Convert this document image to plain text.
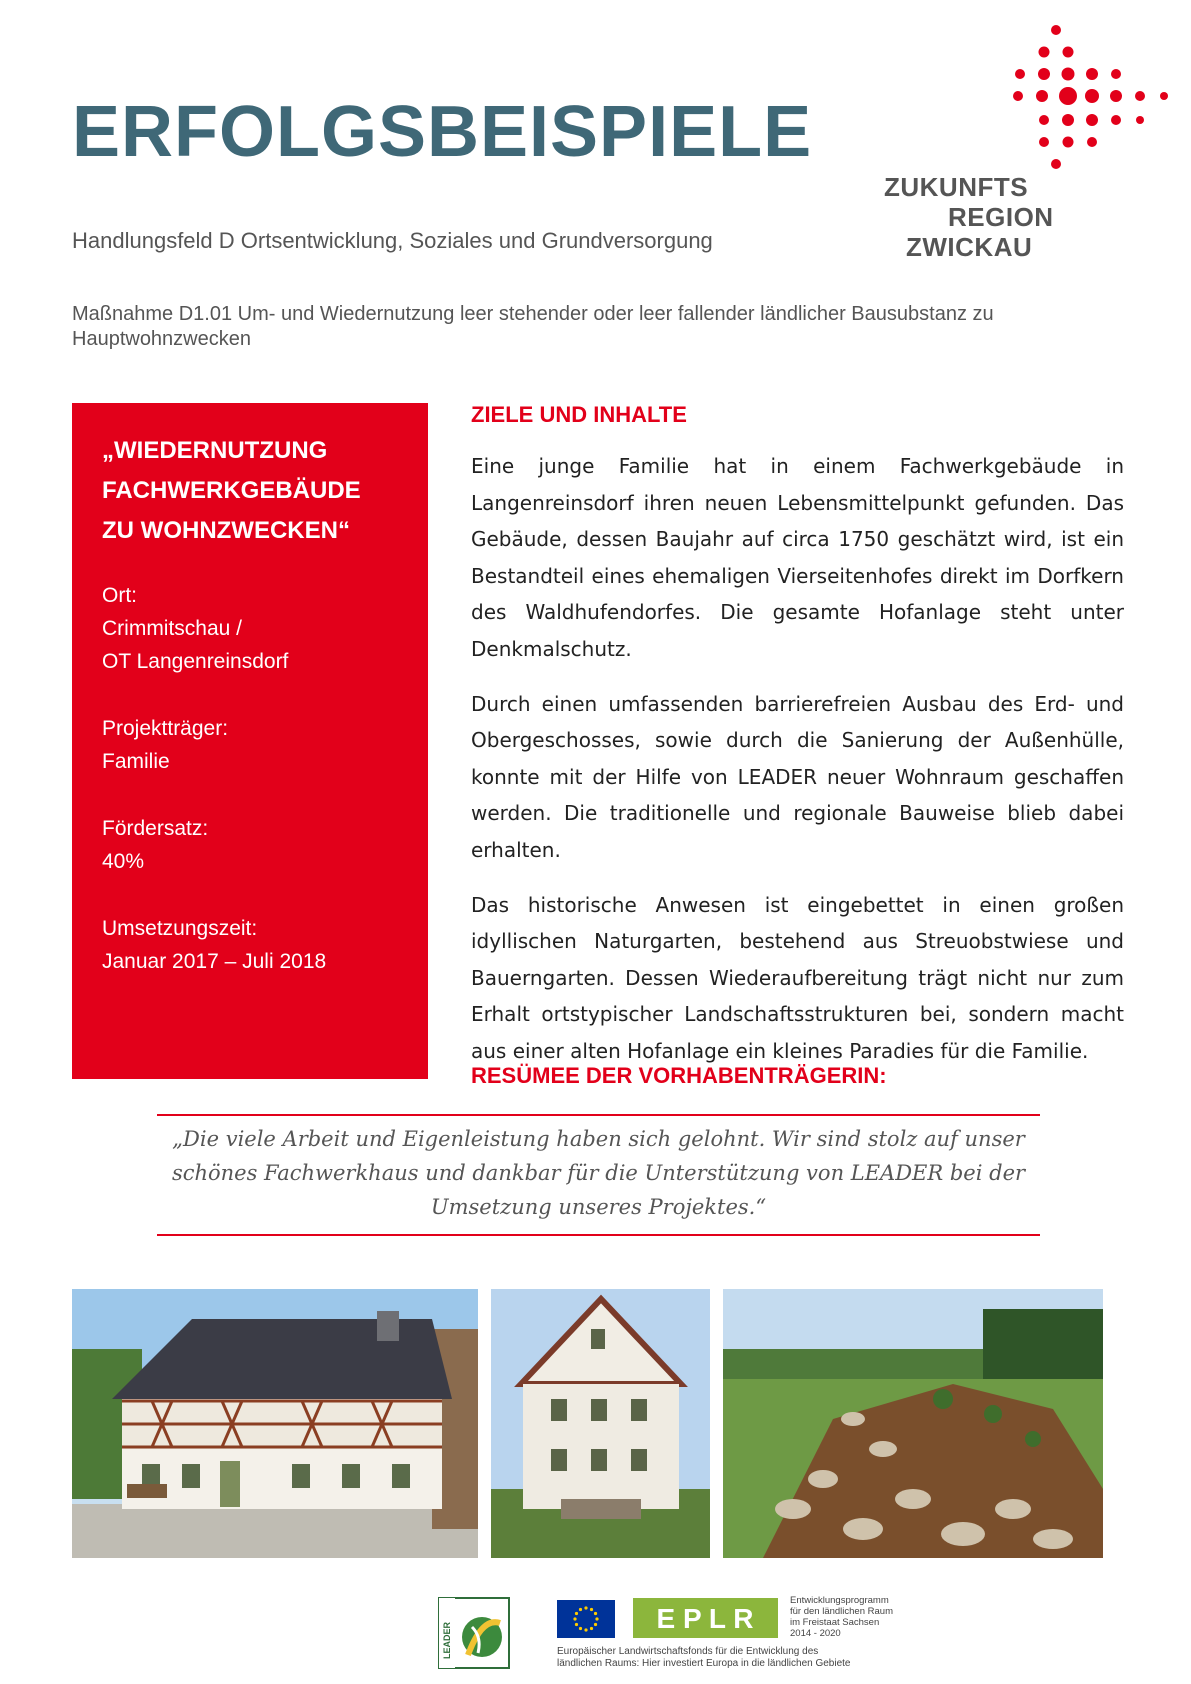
ERFOLGSBEISPIELE
Handlungsfeld D Ortsentwicklung, Soziales und Grundversorgung
Maßnahme D1.01 Um- und Wiedernutzung leer stehender oder leer fallender ländlicher Bausubstanz zu Hauptwohnzwecken
ZUKUNFTS
REGION
ZWICKAU
„WIEDERNUTZUNG
FACHWERKGEBÄUDE
ZU WOHNZWECKEN“
Ort:
Crimmitschau /
OT Langenreinsdorf
Projektträger:
Familie
Fördersatz:
40%
Umsetzungszeit:
Januar 2017 – Juli 2018
ZIELE UND INHALTE

Eine junge Familie hat in einem Fachwerkgebäude in Langenreinsdorf ihren neuen Lebensmittelpunkt gefunden. Das Gebäude, dessen Baujahr auf circa 1750 geschätzt wird, ist ein Bestandteil eines ehemaligen Vierseitenhofes direkt im Dorfkern des Waldhufendorfes. Die gesamte Hofanlage steht unter Denkmalschutz.

Durch einen umfassenden barrierefreien Ausbau des Erd- und Obergeschosses, sowie durch die Sanierung der Außenhülle, konnte mit der Hilfe von LEADER neuer Wohnraum geschaffen werden. Die traditionelle und regionale Bauweise blieb dabei erhalten.

Das historische Anwesen ist eingebettet in einen großen idyllischen Naturgarten, bestehend aus Streuobstwiese und Bauerngarten. Dessen Wiederaufbereitung trägt nicht nur zum Erhalt ortstypischer Landschaftsstrukturen bei, sondern macht aus einer alten Hofanlage ein kleines Paradies für die Familie.

RESÜMEE DER VORHABENTRÄGERIN:
„Die viele Arbeit und Eigenleistung haben sich gelohnt. Wir sind stolz auf unser
schönes Fachwerkhaus und dankbar für die Unterstützung von LEADER bei der
Umsetzung unseres Projektes.“
LEADER
E P L R
Entwicklungsprogramm
für den ländlichen Raum
im Freistaat Sachsen
2014 - 2020
Europäischer Landwirtschaftsfonds für die Entwicklung des
ländlichen Raums: Hier investiert Europa in die ländlichen Gebiete
